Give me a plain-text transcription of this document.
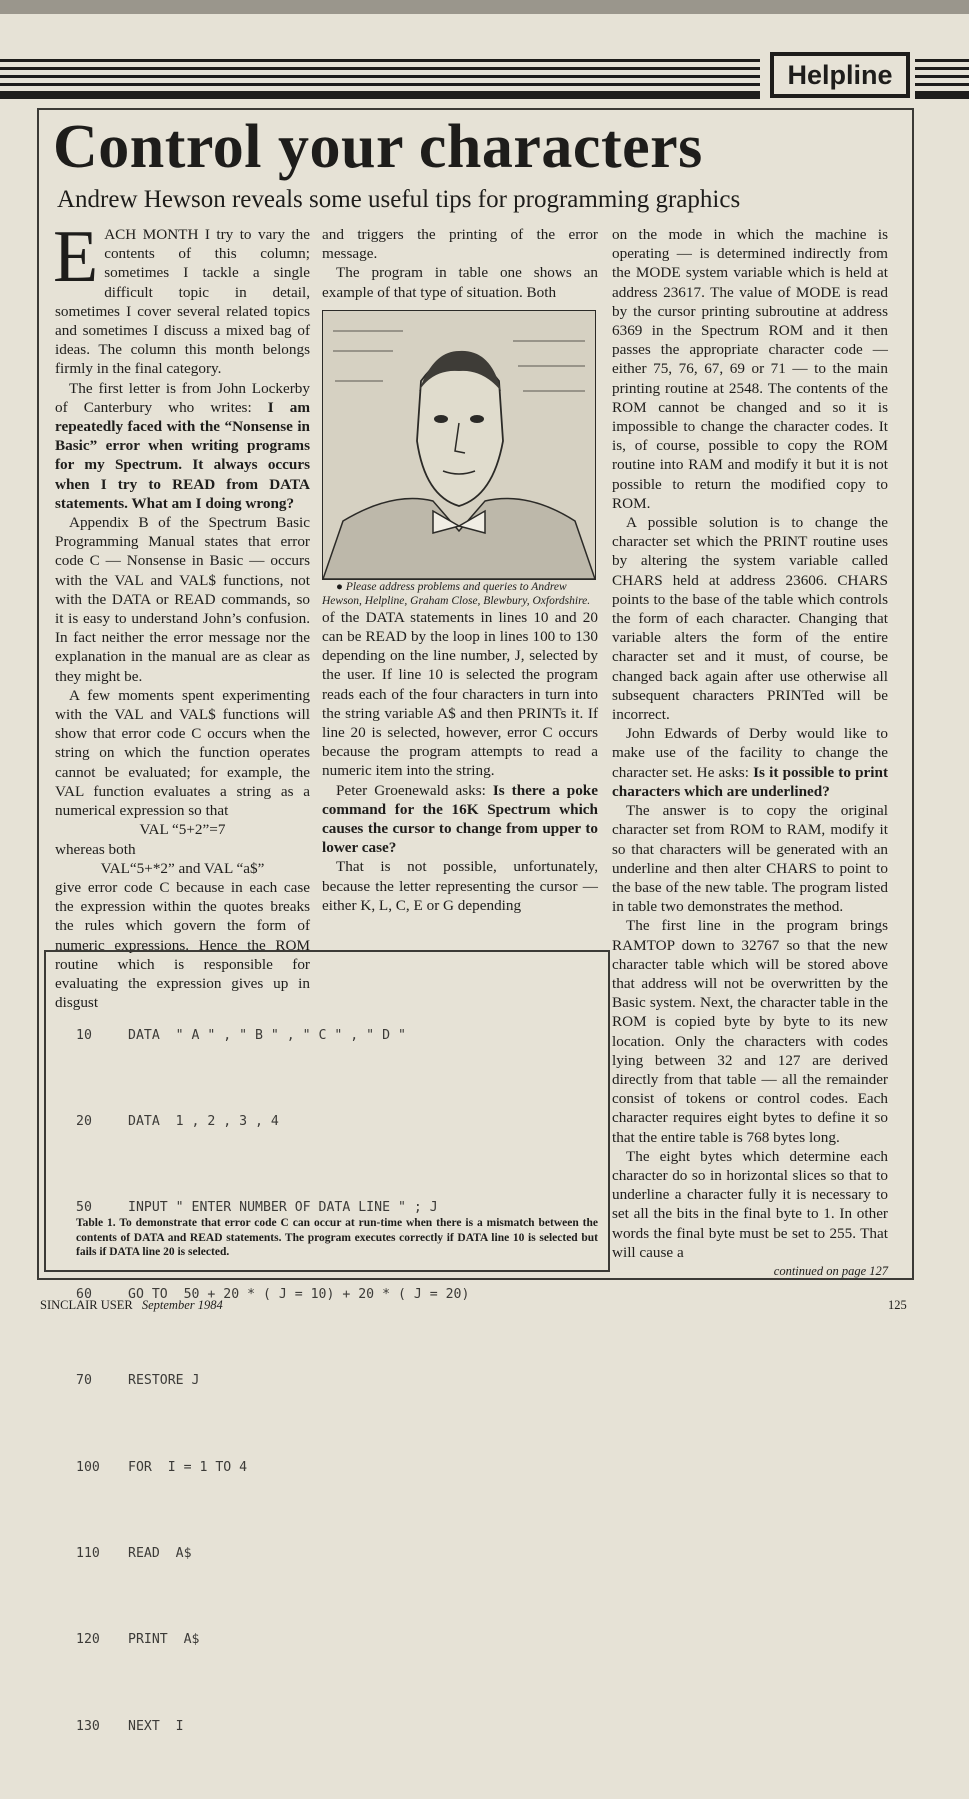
Helpline
Control your characters
Andrew Hewson reveals some useful tips for programming graphics

EACH MONTH I try to vary the contents of this column; sometimes I tackle a single difficult topic in detail, sometimes I cover several related topics and sometimes I discuss a mixed bag of ideas. The column this month belongs firmly in the final category.

The first letter is from John Lockerby of Canterbury who writes: I am repeatedly faced with the “Nonsense in Basic” error when writing programs for my Spectrum. It always occurs when I try to READ from DATA statements. What am I doing wrong?

Appendix B of the Spectrum Basic Programming Manual states that error code C — Nonsense in Basic — occurs with the VAL and VAL$ functions, not with the DATA or READ commands, so it is easy to understand John’s confusion. In fact neither the error message nor the explanation in the manual are as clear as they might be.

A few moments spent experimenting with the VAL and VAL$ functions will show that error code C occurs when the string on which the function operates cannot be evaluated; for example, the VAL function evaluates a string as a numerical expression so that

VAL “5+2”=7

whereas both

VAL“5+*2” and VAL “a$”

give error code C because in each case the expression within the quotes breaks the rules which govern the form of numeric expressions. Hence the ROM routine which is responsible for evaluating the expression gives up in disgust

and triggers the printing of the error message.

The program in table one shows an example of that type of situation. Both

● Please address problems and queries to Andrew Hewson, Helpline, Graham Close, Blewbury, Oxfordshire.

of the DATA statements in lines 10 and 20 can be READ by the loop in lines 100 to 130 depending on the line number, J, selected by the user. If line 10 is selected the program reads each of the four characters in turn into the string variable A$ and then PRINTs it. If line 20 is selected, however, error C occurs because the program attempts to read a numeric item into the string.

Peter Groenewald asks: Is there a poke command for the 16K Spectrum which causes the cursor to change from upper to lower case?

That is not possible, unfortunately, because the letter representing the cursor — either K, L, C, E or G depending

on the mode in which the machine is operating — is determined indirectly from the MODE system variable which is held at address 23617. The value of MODE is read by the cursor printing subroutine at address 6369 in the Spectrum ROM and it then passes the appropriate character code — either 75, 76, 67, 69 or 71 — to the main printing routine at 2548. The contents of the ROM cannot be changed and so it is impossible to change the character codes. It is, of course, possible to copy the ROM routine into RAM and modify it but it is not possible to return the modified copy to ROM.

A possible solution is to change the character set which the PRINT routine uses by altering the system variable called CHARS held at address 23606. CHARS points to the base of the table which controls the form of each character. Changing that variable alters the form of the entire character set and it must, of course, be changed back again after use otherwise all subsequent characters PRINTed will be incorrect.

John Edwards of Derby would like to make use of the facility to change the character set. He asks: Is it possible to print characters which are underlined?

The answer is to copy the original character set from ROM to RAM, modify it so that characters will be generated with an underline and then alter CHARS to point to the base of the new table. The program listed in table two demonstrates the method.

The first line in the program brings RAMTOP down to 32767 so that the new character table which will be stored above that address will not be overwritten by the Basic system. Next, the character table in the ROM is copied byte by byte to its new location. Only the characters with codes lying between 32 and 127 are derived directly from that table — all the remainder consist of tokens or control codes. Each character requires eight bytes to define it so that the entire table is 768 bytes long.

The eight bytes which determine each character do so in horizontal slices so that to underline a character fully it is necessary to set all the bits in the final byte to 1. In other words the final byte must be set to 255. That will cause a

continued on page 127

10	DATA  " A " , " B " , " C " , " D "

20	DATA  1 , 2 , 3 , 4

50	INPUT " ENTER NUMBER OF DATA LINE " ; J

60	GO TO  50 + 20 * ( J = 10) + 20 * ( J = 20)

70	RESTORE J

100 FOR  I = 1 TO 4

110 READ  A$

120 PRINT  A$

130 NEXT  I

Table 1. To demonstrate that error code C can occur at run-time when there is a mismatch between the contents of DATA and READ statements. The program executes correctly if DATA line 10 is selected but fails if DATA line 20 is selected.
SINCLAIR USER September 1984	125
